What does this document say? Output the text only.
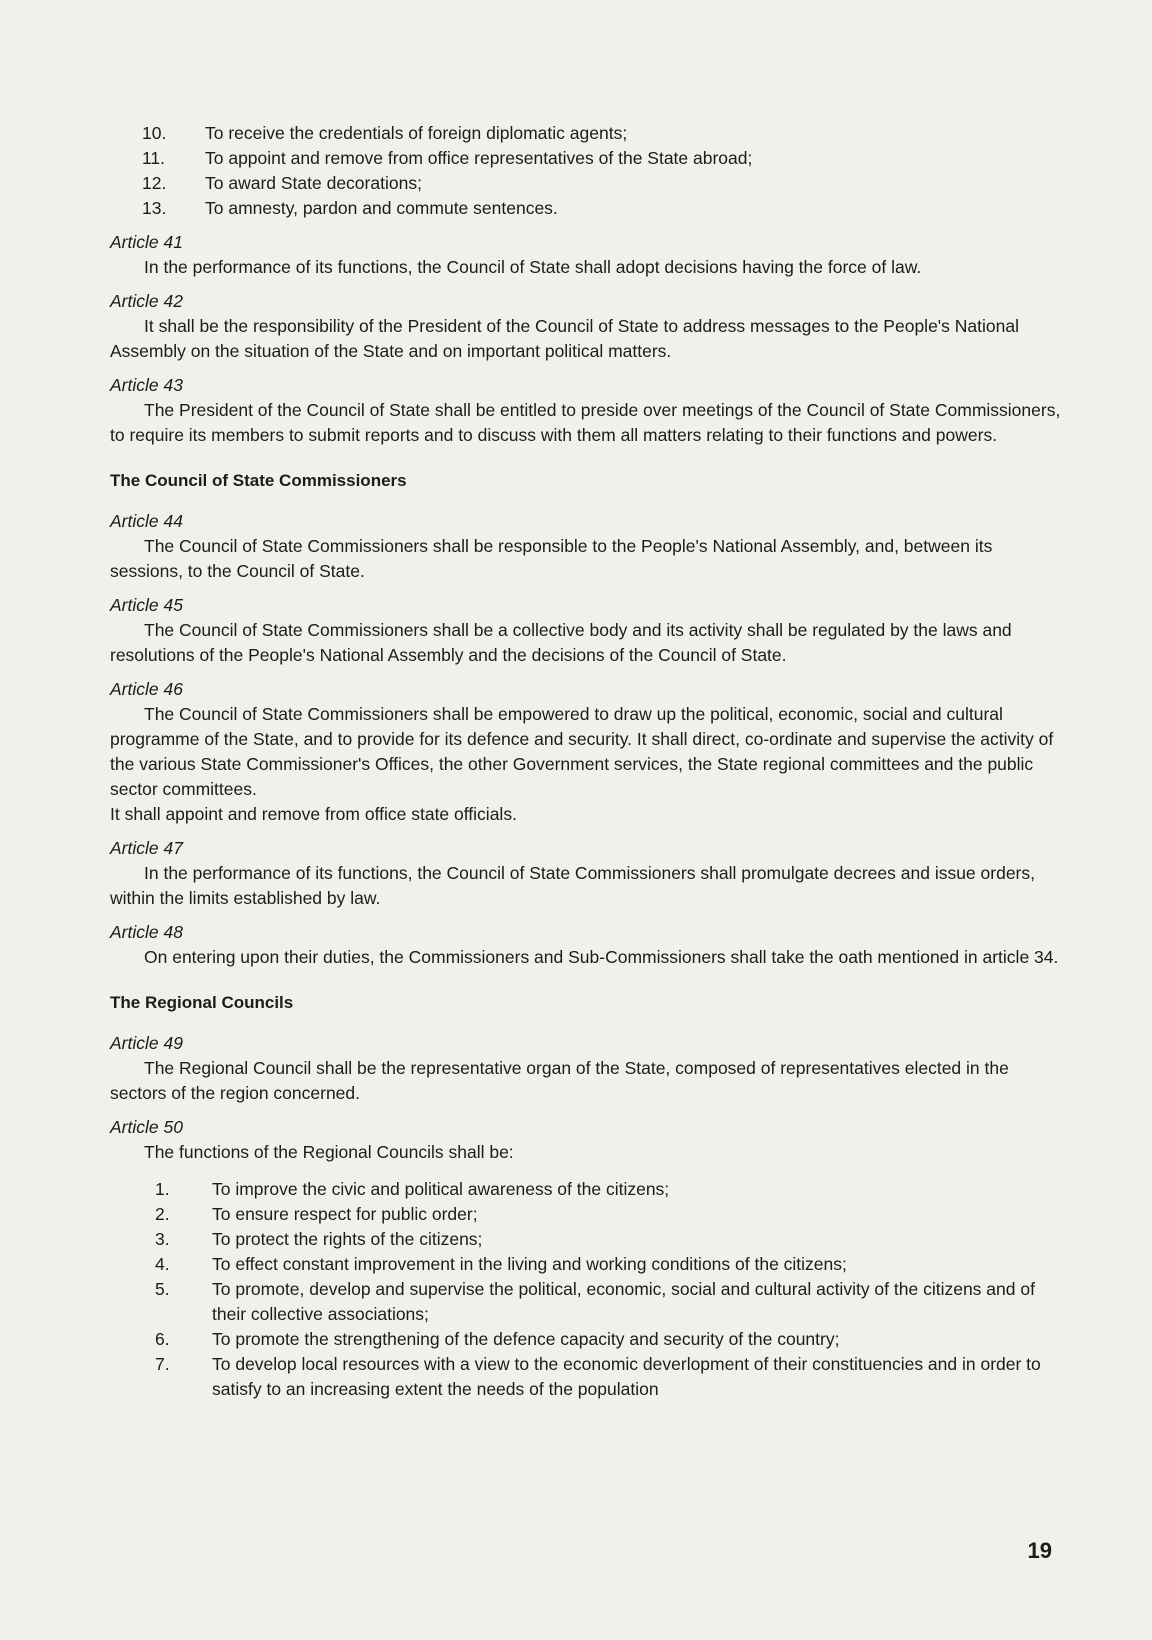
10.	To receive the credentials of foreign diplomatic agents;
11.	To appoint and remove from office representatives of the State abroad;
12.	To award State decorations;
13.	To amnesty, pardon and commute sentences.
Article 41
In the performance of its functions, the Council of State shall adopt decisions having the force of law.
Article 42
It shall be the responsibility of the President of the Council of State to address messages to the People's National Assembly on the situation of the State and on important political matters.
Article 43
The President of the Council of State shall be entitled to preside over meetings of the Council of State Commissioners, to require its members to submit reports and to discuss with them all matters relating to their functions and powers.
The Council of State Commissioners
Article 44
The Council of State Commissioners shall be responsible to the People's National Assembly, and, between its sessions, to the Council of State.
Article 45
The Council of State Commissioners shall be a collective body and its activity shall be regulated by the laws and resolutions of the People's National Assembly and the decisions of the Council of State.
Article 46
The Council of State Commissioners shall be empowered to draw up the political, economic, social and cultural programme of the State, and to provide for its defence and security. It shall direct, co-ordinate and supervise the activity of the various State Commissioner's Offices, the other Government services, the State regional committees and the public sector committees.
It shall appoint and remove from office state officials.
Article 47
In the performance of its functions, the Council of State Commissioners shall promulgate decrees and issue orders, within the limits established by law.
Article 48
On entering upon their duties, the Commissioners and Sub-Commissioners shall take the oath mentioned in article 34.
The Regional Councils
Article 49
The Regional Council shall be the representative organ of the State, composed of representatives elected in the sectors of the region concerned.
Article 50
The functions of the Regional Councils shall be:
1.	To improve the civic and political awareness of the citizens;
2.	To ensure respect for public order;
3.	To protect the rights of the citizens;
4.	To effect constant improvement in the living and working conditions of the citizens;
5.	To promote, develop and supervise the political, economic, social and cultural activity of the citizens and of their collective associations;
6.	To promote the strengthening of the defence capacity and security of the country;
7.	To develop local resources with a view to the economic deverlopment of their constituencies and in order to satisfy to an increasing extent the needs of the population
19
